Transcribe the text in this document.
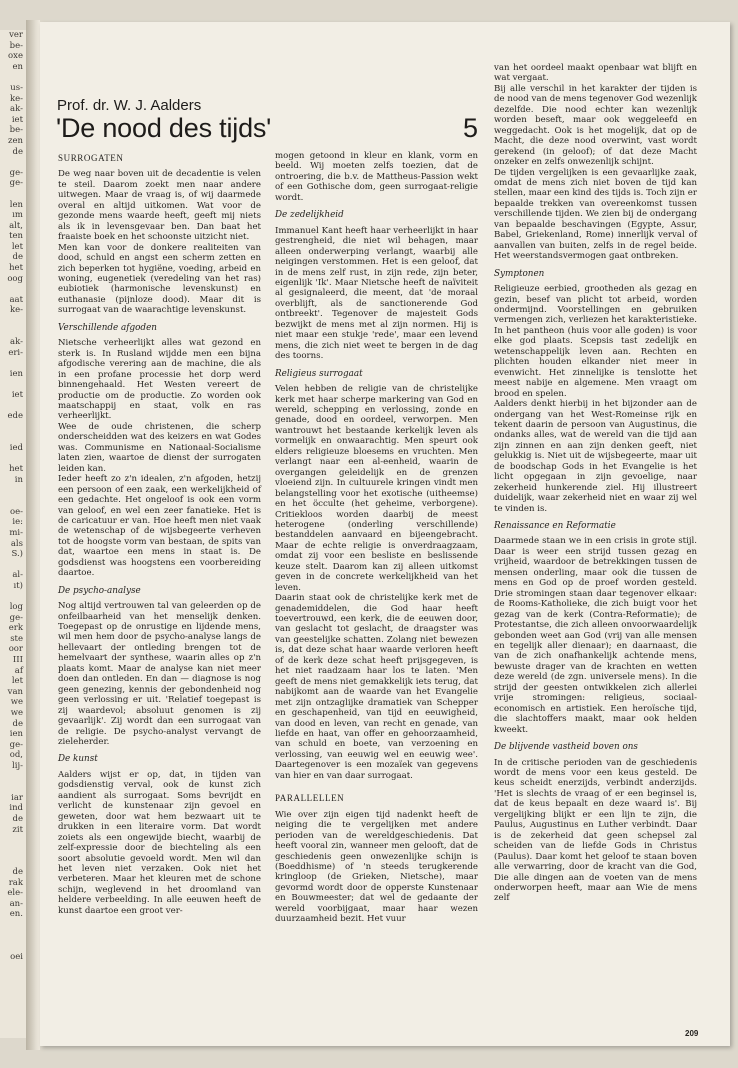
ver
be-
oxe
en

us-
ke-
ak-
iet
be-
zen
de

ge-
ge-

len
ım
alt,
ten
let
de
het
oog

aat
ke-

ak-
eri-

ien

iet

ede

ied

het
in

oe-
ie:
mi-
als
S.)

al-
ıt)

log
ge-
erk
ste
oor
III
af
let
van
we
we
de
ien
ge-
od,
lij-

iar
ind
de
zit

de
rak
ele-
an-
en.

oei
Prof. dr. W. J. Aalders
'De nood des tijds'	5
SURROGATEN

De weg naar boven uit de decadentie is velen te steil. Daarom zoekt men naar andere uitwegen. Maar de vraag is, of wij daarmede overal en altijd uitkomen. Wat voor de gezonde mens waarde heeft, geeft mij niets als ik in levensgevaar ben. Dan baat het fraaiste boek en het schoonste uitzicht niet.

Men kan voor de donkere realiteiten van dood, schuld en angst een scherm zetten en zich beperken tot hygiëne, voeding, arbeid en woning, eugenetiek (veredeling van het ras) eubiotiek (harmonische levenskunst) en euthanasie (pijnloze dood). Maar dit is surrogaat van de waarachtige levenskunst.

Verschillende afgoden

Nietsche verheerlijkt alles wat gezond en sterk is. In Rusland wijdde men een bijna afgodische verering aan de machine, die als in een profane processie het dorp werd binnengehaald. Het Westen vereert de productie om de productie. Zo worden ook maatschappij en staat, volk en ras verheerlijkt.

Wee de oude christenen, die scherp onderscheidden wat des keizers en wat Godes was. Communisme en Nationaal-Socialisme laten zien, waartoe de dienst der surrogaten leiden kan.

Ieder heeft zo z'n idealen, z'n afgoden, hetzij een persoon of een zaak, een werkelijkheid of een gedachte. Het ongeloof is ook een vorm van geloof, en wel een zeer fanatieke. Het is de caricatuur er van. Hoe heeft men niet vaak de wetenschap of de wijsbegeerte verheven tot de hoogste vorm van bestaan, de spits van dat, waartoe een mens in staat is. De godsdienst was hoogstens een voorbereiding daartoe.

De psycho-analyse

Nog altijd vertrouwen tal van geleerden op de onfeilbaarheid van het menselijk denken. Toegepast op de onrustige en lijdende mens, wil men hem door de psycho-analyse langs de hellevaart der ontleding brengen tot de hemelvaart der synthese, waarin alles op z'n plaats komt. Maar de analyse kan niet meer doen dan ontleden. En dan — diagnose is nog geen genezing, kennis der gebondenheid nog geen verlossing er uit. 'Relatief toegepast is zij waardevol; absoluut genomen is zij gevaarlijk'. Zij wordt dan een surrogaat van de religie. De psycho-analyst vervangt de zieleherder.

De kunst

Aalders wijst er op, dat, in tijden van godsdienstig verval, ook de kunst zich aandient als surrogaat. Soms bevrijdt en verlicht de kunstenaar zijn gevoel en geweten, door wat hem bezwaart uit te drukken in een literaire vorm. Dat wordt zoiets als een ongewijde biecht, waarbij de zelf-expressie door de biechteling als een soort absolutie gevoeld wordt. Men wil dan het leven niet verzaken. Ook niet het verbeteren. Maar het kleuren met de schone schijn, weglevend in het droomland van heldere verbeelding. In alle eeuwen heeft de kunst daartoe een groot ver-

mogen getoond in kleur en klank, vorm en beeld. Wij moeten zelfs toezien, dat de ontroering, die b.v. de Mattheus-Passion wekt of een Gothische dom, geen surrogaat-religie wordt.

De zedelijkheid

Immanuel Kant heeft haar verheerlijkt in haar gestrengheid, die niet wil behagen, maar alleen onderwerping verlangt, waarbij alle neigingen verstommen. Het is een geloof, dat in de mens zelf rust, in zijn rede, zijn beter, eigenlijk 'Ik'. Maar Nietsche heeft de naïviteit al gesignaleerd, die meent, dat 'de moraal overblijft, als de sanctionerende God ontbreekt'. Tegenover de majesteit Gods bezwijkt de mens met al zijn normen. Hij is niet maar een stukje 'rede', maar een levend mens, die zich niet weet te bergen in de dag des toorns.

Religieus surrogaat

Velen hebben de religie van de christelijke kerk met haar scherpe markering van God en wereld, schepping en verlossing, zonde en genade, dood en oordeel, verworpen. Men wantrouwt het bestaande kerkelijk leven als vormelijk en onwaarachtig. Men speurt ook elders religieuze bloesems en vruchten. Men verlangt naar een al-eenheid, waarin de overgangen geleidelijk en de grenzen vloeiend zijn. In cultuurele kringen vindt men belangstelling voor het exotische (uitheemse) en het öcculte (het geheime, verborgene). Critiekloos worden daarbij de meest heterogene (onderling verschillende) bestanddelen aanvaard en bijeengebracht. Maar de echte religie is onverdraagzaam, omdat zij voor een besliste en beslissende keuze stelt. Daarom kan zij alleen uitkomst geven in de concrete werkelijkheid van het leven.

Daarin staat ook de christelijke kerk met de genademiddelen, die God haar heeft toevertrouwd, een kerk, die de eeuwen door, van geslacht tot geslacht, de draagster was van geestelijke schatten. Zolang niet bewezen is, dat deze schat haar waarde verloren heeft of de kerk deze schat heeft prijsgegeven, is het niet raadzaam haar los te laten. 'Men geeft de mens niet gemakkelijk iets terug, dat nabijkomt aan de waarde van het Evangelie met zijn ontzaglijke dramatiek van Schepper en geschapenheid, van tijd en eeuwigheid, van dood en leven, van recht en genade, van liefde en haat, van offer en gehoorzaamheid, van schuld en boete, van verzoening en verlossing, van eeuwig wel en eeuwig wee'. Daartegenover is een mozaïek van gegevens van hier en van daar surrogaat.

PARALLELLEN

Wie over zijn eigen tijd nadenkt heeft de neiging die te vergelijken met andere perioden van de wereldgeschiedenis. Dat heeft vooral zin, wanneer men gelooft, dat de geschiedenis geen onwezenlijke schijn is (Boeddhisme) of 'n steeds terugkerende kringloop (de Grieken, Nietsche), maar gevormd wordt door de opperste Kunstenaar en Bouwmeester; dat wel de gedaante der wereld voorbijgaat, maar haar wezen duurzaamheid bezit. Het vuur

van het oordeel maakt openbaar wat blijft en wat vergaat.

Bij alle verschil in het karakter der tijden is de nood van de mens tegenover God wezenlijk dezelfde. Die nood echter kan wezenlijk worden beseft, maar ook weggeleefd en weggedacht. Ook is het mogelijk, dat op de Macht, die deze nood overwint, vast wordt gerekend (in geloof); of dat deze Macht onzeker en zelfs onwezenlijk schijnt.

De tijden vergelijken is een gevaarlijke zaak, omdat de mens zich niet boven de tijd kan stellen, maar een kind des tijds is. Toch zijn er bepaalde trekken van overeenkomst tussen verschillende tijden. We zien bij de ondergang van bepaalde beschavingen (Egypte, Assur, Babel, Griekenland, Rome) innerlijk verval of aanvallen van buiten, zelfs in de regel beide. Het weerstandsvermogen gaat ontbreken.

Symptonen

Religieuze eerbied, grootheden als gezag en gezin, besef van plicht tot arbeid, worden ondermijnd. Voorstellingen en gebruiken vermengen zich, verliezen het karakteristieke. In het pantheon (huis voor alle goden) is voor elke god plaats. Scepsis tast zedelijk en wetenschappelijk leven aan. Rechten en plichten houden elkander niet meer in evenwicht. Het zinnelijke is tenslotte het meest nabije en algemene. Men vraagt om brood en spelen.

Aalders denkt hierbij in het bijzonder aan de ondergang van het West-Romeinse rijk en tekent daarin de persoon van Augustinus, die ondanks alles, wat de wereld van die tijd aan zijn zinnen en aan zijn denken geeft, niet gelukkig is. Niet uit de wijsbegeerte, maar uit de boodschap Gods in het Evangelie is het licht opgegaan in zijn gevoelige, naar zekerheid hunkerende ziel. Hij illustreert duidelijk, waar zekerheid niet en waar zij wel te vinden is.

Renaissance en Reformatie

Daarmede staan we in een crisis in grote stijl. Daar is weer een strijd tussen gezag en vrijheid, waardoor de betrekkingen tussen de mensen onderling, maar ook die tussen de mens en God op de proef worden gesteld. Drie stromingen staan daar tegenover elkaar: de Rooms-Katholieke, die zich buigt voor het gezag van de kerk (Contra-Reformatie); de Protestantse, die zich alleen onvoorwaardelijk gebonden weet aan God (vrij van alle mensen en tegelijk aller dienaar); en daarnaast, die van de zich onafhankelijk achtende mens, bewuste drager van de krachten en wetten deze wereld (de zgn. universele mens). In die strijd der geesten ontwikkelen zich allerlei vrije stromingen: religieus, sociaal-economisch en artistiek. Een heroïsche tijd, die slachtoffers maakt, maar ook helden kweekt.

De blijvende vastheid boven ons

In de critische perioden van de geschiedenis wordt de mens voor een keus gesteld. De keus scheidt enerzijds, verbindt anderzijds. 'Het is slechts de vraag of er een beginsel is, dat de keus bepaalt en deze waard is'. Bij vergelijking blijkt er een lijn te zijn, die Paulus, Augustinus en Luther verbindt. Daar is de zekerheid dat geen schepsel zal scheiden van de liefde Gods in Christus (Paulus). Daar komt het geloof te staan boven alle verwarring, door de kracht van die God, Die alle dingen aan de voeten van de mens onderworpen heeft, maar aan Wie de mens zelf

209
